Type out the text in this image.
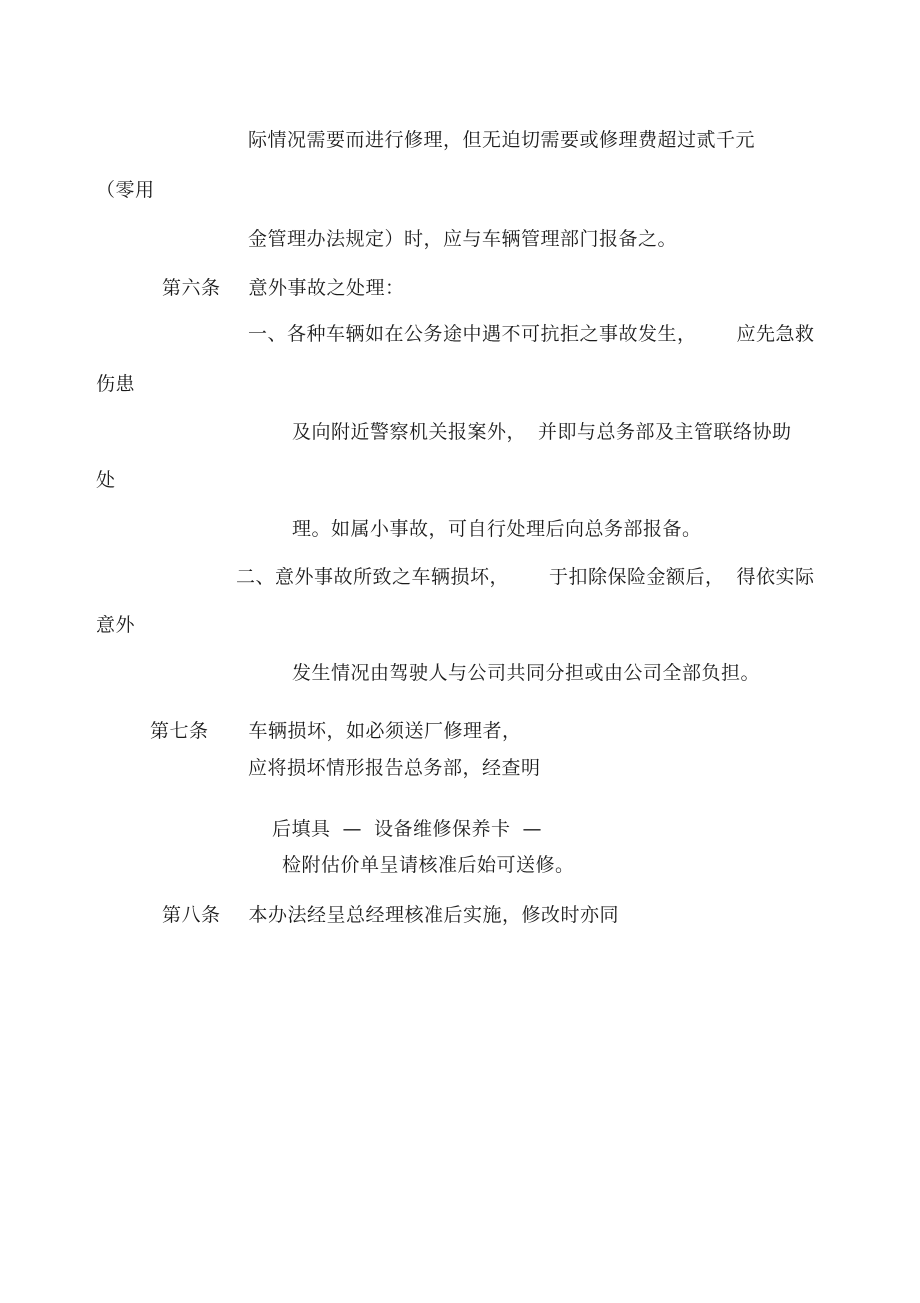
际情况需要而进行修理，但无迫切需要或修理费超过贰千元
（零用
金管理办法规定）时，应与车辆管理部门报备之。
第六条 意外事故之处理：
一、各种车辆如在公务途中遇不可抗拒之事故发生， 应先急救
伤患
及向附近警察机关报案外， 并即与总务部及主管联络协助
处
理。如属小事故，可自行处理后向总务部报备。
二、意外事故所致之车辆损坏， 于扣除保险金额后， 得依实际
意外
发生情况由驾驶人与公司共同分担或由公司全部负担。
第七条 车辆损坏，如必须送厂修理者，
应将损坏情形报告总务部，经查明
后填具 — 设备维修保养卡 —
检附估价单呈请核准后始可送修。
第八条 本办法经呈总经理核准后实施，修改时亦同
